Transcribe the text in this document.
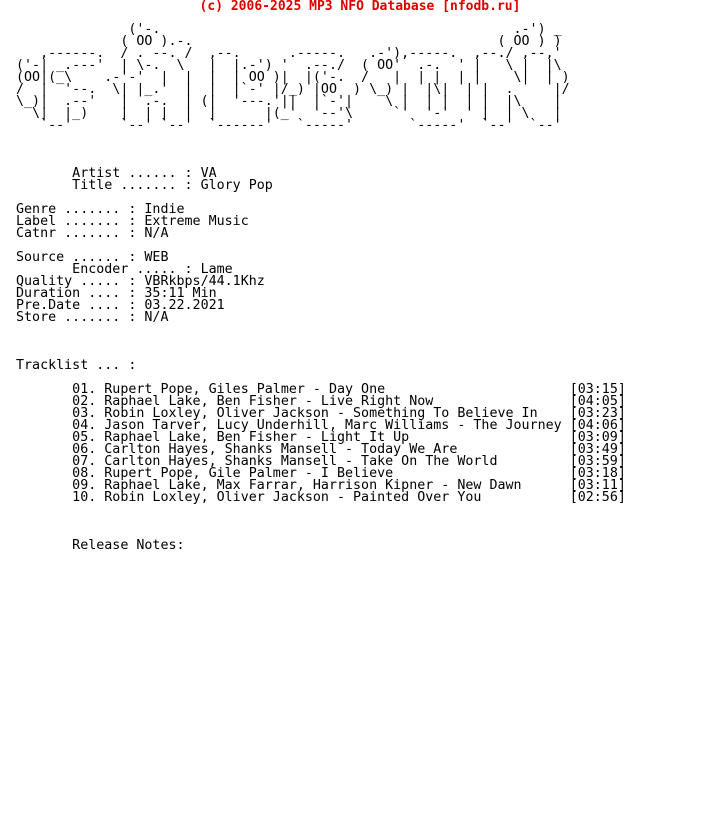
(c) 2006-2025 MP3 NFO Database [nfodb.ru]
('-.                                            .-') _
( OO ).-.                                      ( OO ) )
,------.  / . --. /  ,--.      .-----.   .-'),-----.  ,--./ ,--,'
('-| _.---'  | \-.  \   |  |.-') '  .--./  ( OO'  .-.  ' |   \ |  |\
(OO|(_\    .-'-'  |  |  |  | OO )|  |('-.  /   |  | |  | |    \|  | )
/  |  '--.  \| |_.'  |  |  |`-' |/_) |OO  ) \_) |  |\|  | |  .     |/
\_)|  .--'   |  .-.  | (|  '---.'||  |`-'|    \ |  | |  | |  |\    |
\|  |_)    |  | |  |  |      |(_'  '--'\     `'  '-'  ' |  | \   |
`--'      `--' `--'  `------'   `-----'       `-----'  `--'  `--'

Artist ...... : VA
Title ....... : Glory Pop

Genre ....... : Indie
Label ....... : Extreme Music
Catnr ....... : N/A

Source ...... : WEB
Encoder ..... : Lame
Quality ..... : VBRkbps/44.1Khz
Duration .... : 35:11 Min
Pre.Date .... : 03.22.2021
Store ....... : N/A

Tracklist ... :

01. Rupert Pope, Giles Palmer - Day One	[03:15]
02. Raphael Lake, Ben Fisher - Live Right Now	[04:05]
03. Robin Loxley, Oliver Jackson - Something To Believe In [03:23]
04. Jason Tarver, Lucy Underhill, Marc Williams - The Journey [04:06]
05. Raphael Lake, Ben Fisher - Light It Up	[03:09]
06. Carlton Hayes, Shanks Mansell - Today We Are	[03:49]
07. Carlton Hayes, Shanks Mansell - Take On The World	[03:59]
08. Rupert Pope, Gile Palmer - I Believe	[03:18]
09. Raphael Lake, Max Farrar, Harrison Kipner - New Dawn	[03:11]
10. Robin Loxley, Oliver Jackson - Painted Over You	[02:56]

Release Notes:
